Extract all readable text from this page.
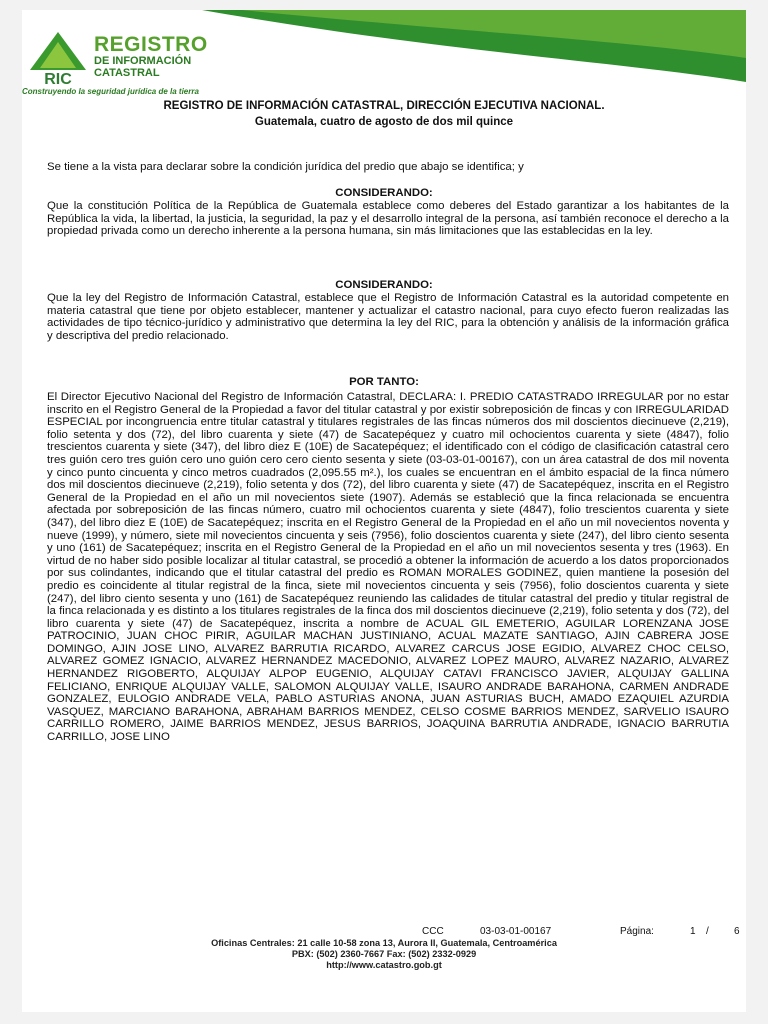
RIC
REGISTRO
DE INFORMACIÓN
CATASTRAL
Construyendo la seguridad jurídica de la tierra
REGISTRO DE INFORMACIÓN CATASTRAL, DIRECCIÓN EJECUTIVA NACIONAL.
Guatemala, cuatro de agosto de dos mil quince
Se tiene a la vista para declarar sobre la condición jurídica del predio que abajo se identifica; y
CONSIDERANDO:
Que la constitución Política de la República de Guatemala establece como deberes del Estado garantizar a los habitantes de la República la vida, la libertad, la justicia, la seguridad, la paz y el desarrollo integral de la persona, así también reconoce el derecho a la propiedad privada como un derecho inherente a la persona humana, sin más limitaciones que las establecidas en la ley.
CONSIDERANDO:
Que la ley del Registro de Información Catastral, establece que el Registro de Información Catastral es la autoridad competente en materia catastral que tiene por objeto establecer, mantener y actualizar el catastro nacional, para cuyo efecto fueron realizadas las actividades de tipo técnico-jurídico y administrativo que determina la ley del RIC, para la obtención y análisis de la información gráfica y descriptiva del predio relacionado.
POR TANTO:
El Director Ejecutivo Nacional del Registro de Información Catastral, DECLARA: I. PREDIO CATASTRADO IRREGULAR por no estar inscrito en el Registro General de la Propiedad a favor del titular catastral y por existir sobreposición de fincas y con IRREGULARIDAD ESPECIAL por incongruencia entre titular catastral y titulares registrales de las fincas números dos mil doscientos diecinueve (2,219), folio setenta y dos (72), del libro cuarenta y siete (47) de Sacatepéquez y cuatro mil ochocientos cuarenta y siete (4847), folio trescientos cuarenta y siete (347), del libro diez E (10E) de Sacatepéquez; el identificado con el código de clasificación catastral cero tres guión cero tres guión cero uno guión cero cero ciento sesenta y siete (03-03-01-00167), con un área catastral de dos mil noventa y cinco punto cincuenta y cinco metros cuadrados (2,095.55 m².), los cuales se encuentran en el ámbito espacial de la finca número dos mil doscientos diecinueve (2,219), folio setenta y dos (72), del libro cuarenta y siete (47) de Sacatepéquez, inscrita en el Registro General de la Propiedad en el año un mil novecientos siete (1907). Además se estableció que la finca relacionada se encuentra afectada por sobreposición de las fincas número, cuatro mil ochocientos cuarenta y siete (4847), folio trescientos cuarenta y siete (347), del libro diez E (10E) de Sacatepéquez; inscrita en el Registro General de la Propiedad en el año un mil novecientos noventa y nueve (1999), y número, siete mil novecientos cincuenta y seis (7956), folio doscientos cuarenta y siete (247), del libro ciento sesenta y uno (161) de Sacatepéquez; inscrita en el Registro General de la Propiedad en el año un mil novecientos sesenta y tres (1963). En virtud de no haber sido posible localizar al titular catastral, se procedió a obtener la información de acuerdo a los datos proporcionados por sus colindantes, indicando que el titular catastral del predio es ROMAN MORALES GODINEZ, quien mantiene la posesión del predio es coincidente al titular registral de la finca, siete mil novecientos cincuenta y seis (7956), folio doscientos cuarenta y siete (247), del libro ciento sesenta y uno (161) de Sacatepéquez reuniendo las calidades de titular catastral del predio y titular registral de la finca relacionada y es distinto a los titulares registrales de la finca dos mil doscientos diecinueve (2,219), folio setenta y dos (72), del libro cuarenta y siete (47) de Sacatepéquez, inscrita a nombre de ACUAL GIL EMETERIO, AGUILAR LORENZANA JOSE PATROCINIO, JUAN CHOC PIRIR, AGUILAR MACHAN JUSTINIANO, ACUAL MAZATE SANTIAGO, AJIN CABRERA JOSE DOMINGO, AJIN JOSE LINO, ALVAREZ BARRUTIA RICARDO, ALVAREZ CARCUS JOSE EGIDIO, ALVAREZ CHOC CELSO, ALVAREZ GOMEZ IGNACIO, ALVAREZ HERNANDEZ MACEDONIO, ALVAREZ LOPEZ MAURO, ALVAREZ NAZARIO, ALVAREZ HERNANDEZ RIGOBERTO, ALQUIJAY ALPOP EUGENIO, ALQUIJAY CATAVI FRANCISCO JAVIER, ALQUIJAY GALLINA FELICIANO, ENRIQUE ALQUIJAY VALLE, SALOMON ALQUIJAY VALLE, ISAURO ANDRADE BARAHONA, CARMEN ANDRADE GONZALEZ, EULOGIO ANDRADE VELA, PABLO ASTURIAS ANONA, JUAN ASTURIAS BUCH, AMADO EZAQUIEL AZURDIA VASQUEZ, MARCIANO BARAHONA, ABRAHAM BARRIOS MENDEZ, CELSO COSME BARRIOS MENDEZ, SARVELIO ISAURO CARRILLO ROMERO, JAIME BARRIOS MENDEZ, JESUS BARRIOS, JOAQUINA BARRUTIA ANDRADE, IGNACIO BARRUTIA CARRILLO, JOSE LINO
CCC	03-03-01-00167	Página:	1 /	6
Oficinas Centrales: 21 calle 10-58 zona 13, Aurora II, Guatemala, Centroamérica
PBX: (502) 2360-7667 Fax: (502) 2332-0929
http://www.catastro.gob.gt
